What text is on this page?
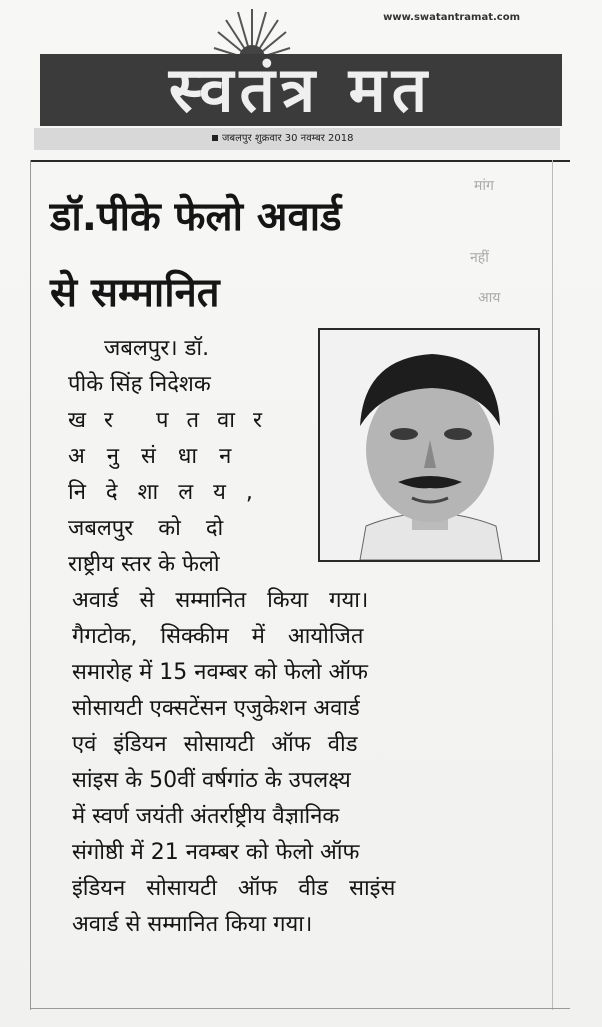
www.swatantramat.com
स्वतंत्र मत
जबलपुर शुक्रवार 30 नवम्बर 2018
मांग
नहीं
आय
डॉ.पीके फेलो अवार्ड
से सम्मानित
जबलपुर। डॉ.
पीके सिंह निदेशक
खर पतवार
अनुसंधान
निदेशालय,
जबलपुर को दो
राष्ट्रीय स्तर के फेलो
अवार्ड से सम्मानित किया गया।
गैगटोक, सिक्कीम में आयोजित
समारोह में 15 नवम्बर को फेलो ऑफ
सोसायटी एक्सटेंसन एजुकेशन अवार्ड
एवं इंडियन सोसायटी ऑफ वीड
सांइस के 50वीं वर्षगांठ के उपलक्ष्य
में स्वर्ण जयंती अंतर्राष्ट्रीय वैज्ञानिक
संगोष्ठी में 21 नवम्बर को फेलो ऑफ
इंडियन सोसायटी ऑफ वीड साइंस
अवार्ड से सम्मानित किया गया।
